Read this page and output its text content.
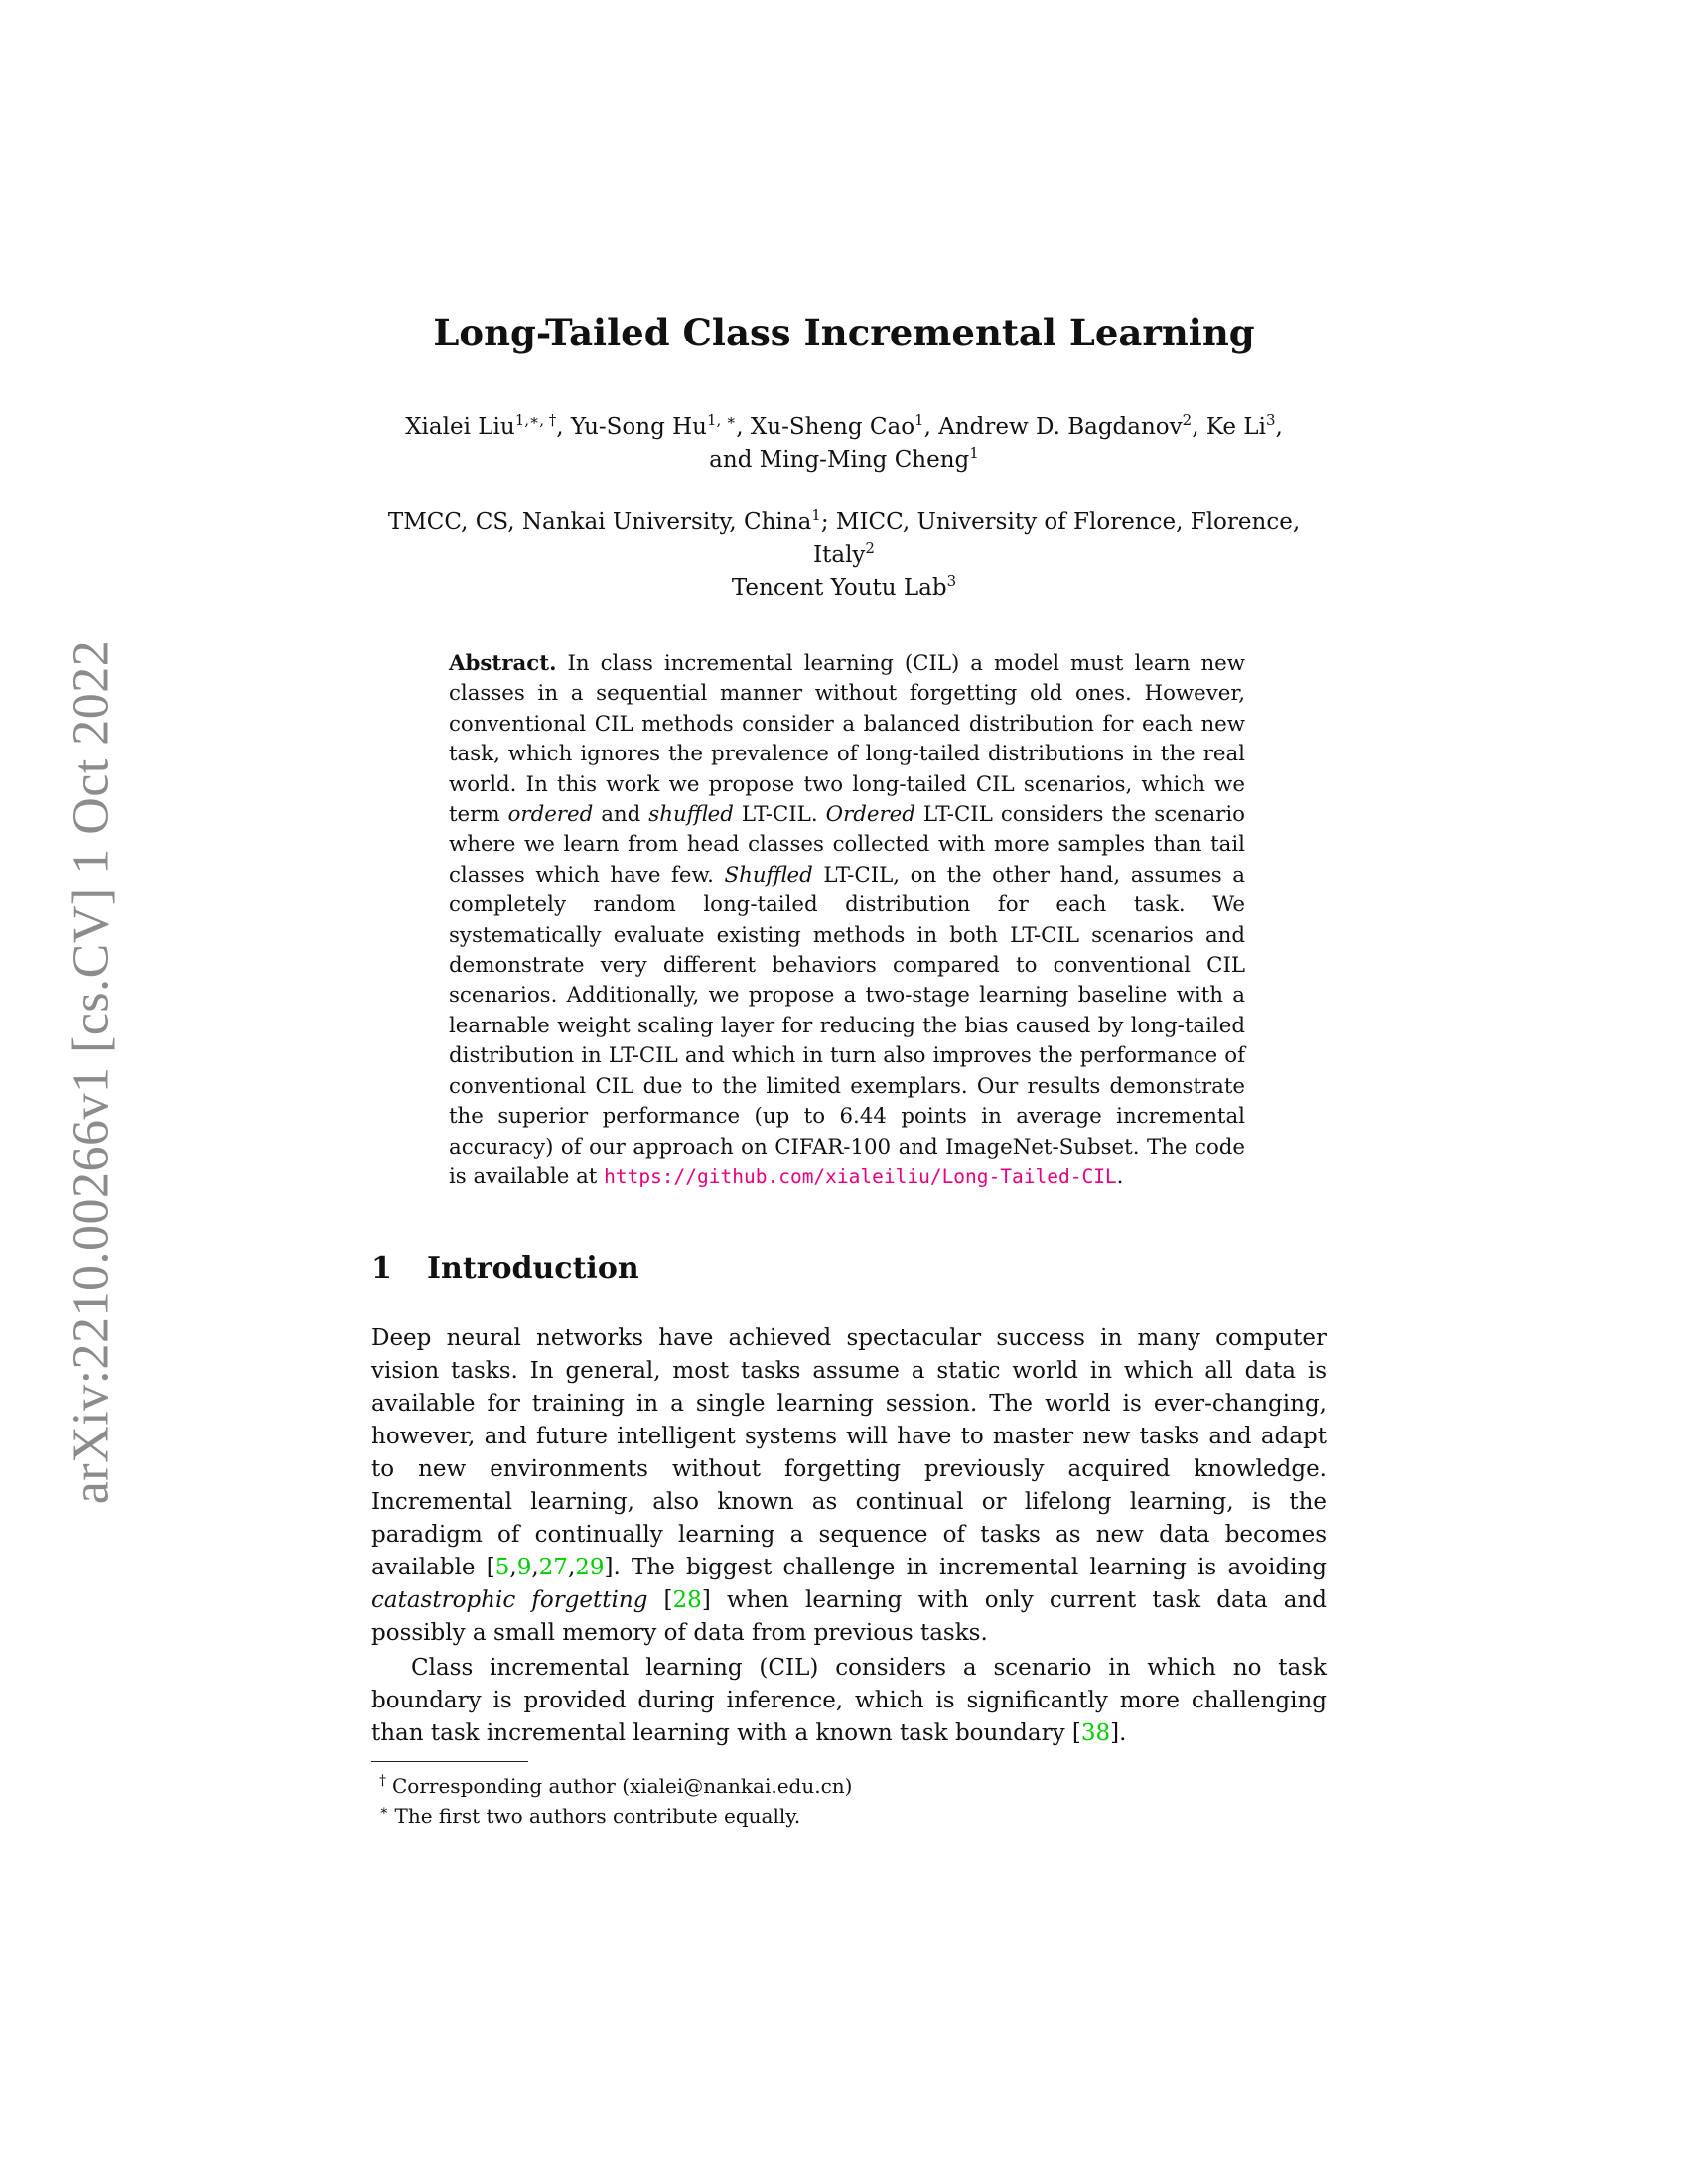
arXiv:2210.00266v1 [cs.CV] 1 Oct 2022
Long-Tailed Class Incremental Learning
Xialei Liu$^{1,∗, \dagger}$, Yu-Song $Hu^{1, ∗}$, Xu-Sheng Cao$^1$, Andrew D. Bagdanov$^2$, Ke Li$^3$,
and Ming-Ming Cheng$^1$
TMCC, CS, Nankai University, China$^1$; MICC, University of Florence, Florence, Italy$^2$
Tencent Youtu Lab$^3$
Abstract. In class incremental learning (CIL) a model must learn new classes in a sequential manner without forgetting old ones. However, conventional CIL methods consider a balanced distribution for each new task, which ignores the prevalence of long-tailed distributions in the real world. In this work we propose two long-tailed CIL scenarios, which we term ordered and shuffled LT-CIL. Ordered LT-CIL considers the scenario where we learn from head classes collected with more samples than tail classes which have few. Shuffled LT-CIL, on the other hand, assumes a completely random long-tailed distribution for each task. We systematically evaluate existing methods in both LT-CIL scenarios and demonstrate very different behaviors compared to conventional CIL scenarios. Additionally, we propose a two-stage learning baseline with a learnable weight scaling layer for reducing the bias caused by long-tailed distribution in LT-CIL and which in turn also improves the performance of conventional CIL due to the limited exemplars. Our results demonstrate the superior performance (up to 6.44 points in average incremental accuracy) of our approach on CIFAR-100 and ImageNet-Subset. The code is available at https://github.com/xialeiliu/Long-Tailed-CIL.
1 Introduction
Deep neural networks have achieved spectacular success in many computer vision tasks. In general, most tasks assume a static world in which all data is available for training in a single learning session. The world is ever-changing, however, and future intelligent systems will have to master new tasks and adapt to new environments without forgetting previously acquired knowledge. Incremental learning, also known as continual or lifelong learning, is the paradigm of continually learning a sequence of tasks as new data becomes available [5,9,27,29]. The biggest challenge in incremental learning is avoiding catastrophic forgetting [28] when learning with only current task data and possibly a small memory of data from previous tasks.
Class incremental learning (CIL) considers a scenario in which no task boundary is provided during inference, which is significantly more challenging than task incremental learning with a known task boundary [38].
† Corresponding author (xialei@nankai.edu.cn)
∗ The first two authors contribute equally.
